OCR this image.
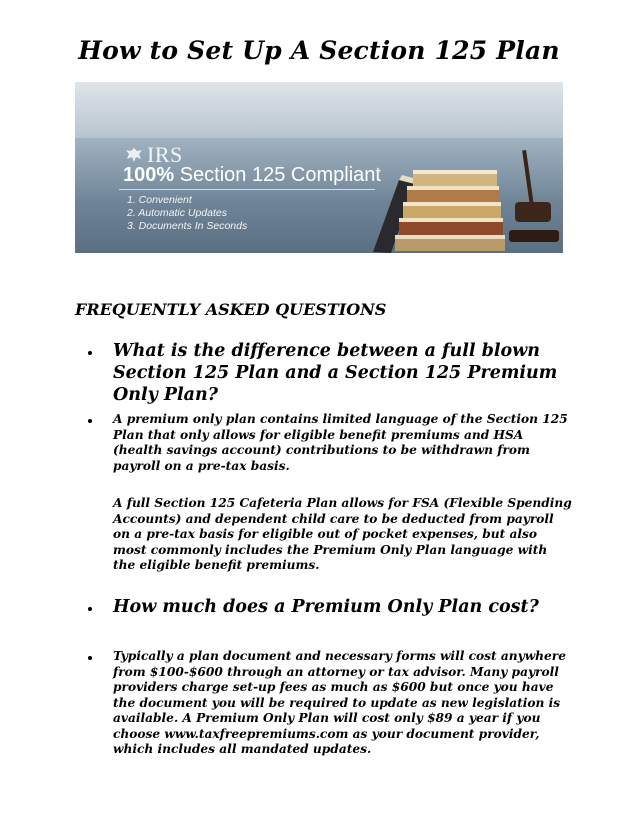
How to Set Up A Section 125 Plan
IRS
100% Section 125 Compliant
1. Convenient
2. Automatic Updates
3. Documents In Seconds
FREQUENTLY ASKED QUESTIONS
What is the difference between a full blown Section 125 Plan and a Section 125 Premium Only Plan?
A premium only plan contains limited language of the Section 125 Plan that only allows for eligible benefit premiums and HSA (health savings account) contributions to be withdrawn from payroll on a pre-tax basis.
A full Section 125 Cafeteria Plan allows for FSA (Flexible Spending Accounts) and dependent child care to be deducted from payroll on a pre-tax basis for eligible out of pocket expenses, but also most commonly includes the Premium Only Plan language with the eligible benefit premiums.
How much does a Premium Only Plan cost?
Typically a plan document and necessary forms will cost anywhere from $100-$600 through an attorney or tax advisor. Many payroll providers charge set-up fees as much as $600 but once you have the document you will be required to update as new legislation is available. A Premium Only Plan will cost only $89 a year if you choose www.taxfreepremiums.com as your document provider, which includes all mandated updates.
